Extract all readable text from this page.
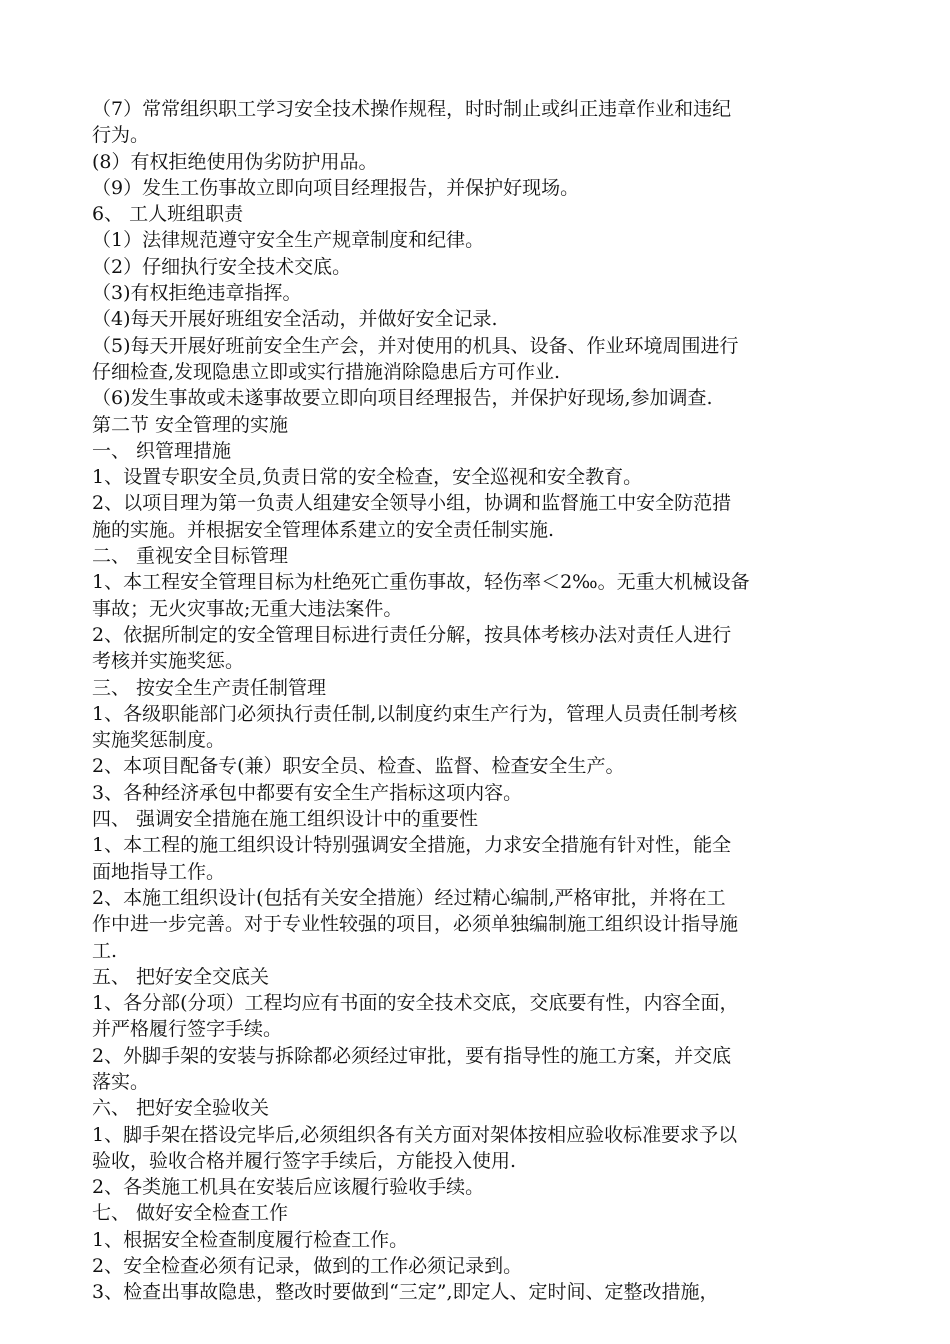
（7）常常组织职工学习安全技术操作规程，时时制止或纠正违章作业和违纪
行为。
(8）有权拒绝使用伪劣防护用品。
（9）发生工伤事故立即向项目经理报告，并保护好现场。
6、 工人班组职责
（1）法律规范遵守安全生产规章制度和纪律。
（2）仔细执行安全技术交底。
（3)有权拒绝违章指挥。
（4)每天开展好班组安全活动，并做好安全记录.
（5)每天开展好班前安全生产会，并对使用的机具、设备、作业环境周围进行
仔细检查,发现隐患立即或实行措施消除隐患后方可作业.
（6)发生事故或未遂事故要立即向项目经理报告，并保护好现场,参加调查.
第二节 安全管理的实施
一、 织管理措施
1、设置专职安全员,负责日常的安全检查，安全巡视和安全教育。
2、以项目理为第一负责人组建安全领导小组，协调和监督施工中安全防范措
施的实施。并根据安全管理体系建立的安全责任制实施.
二、 重视安全目标管理
1、本工程安全管理目标为杜绝死亡重伤事故，轻伤率＜2‰。无重大机械设备
事故；无火灾事故;无重大违法案件。
2、依据所制定的安全管理目标进行责任分解，按具体考核办法对责任人进行
考核并实施奖惩。
三、 按安全生产责任制管理
1、各级职能部门必须执行责任制,以制度约束生产行为，管理人员责任制考核
实施奖惩制度。
2、本项目配备专(兼）职安全员、检查、监督、检查安全生产。
3、各种经济承包中都要有安全生产指标这项内容。
四、 强调安全措施在施工组织设计中的重要性
1、本工程的施工组织设计特别强调安全措施，力求安全措施有针对性，能全
面地指导工作。
2、本施工组织设计(包括有关安全措施）经过精心编制,严格审批，并将在工
作中进一步完善。对于专业性较强的项目，必须单独编制施工组织设计指导施
工.
五、 把好安全交底关
1、各分部(分项）工程均应有书面的安全技术交底，交底要有性，内容全面，
并严格履行签字手续。
2、外脚手架的安装与拆除都必须经过审批，要有指导性的施工方案，并交底
落实。
六、 把好安全验收关
1、脚手架在搭设完毕后,必须组织各有关方面对架体按相应验收标准要求予以
验收，验收合格并履行签字手续后，方能投入使用.
2、各类施工机具在安装后应该履行验收手续。
七、 做好安全检查工作
1、根据安全检查制度履行检查工作。
2、安全检查必须有记录，做到的工作必须记录到。
3、检查出事故隐患，整改时要做到“三定”,即定人、定时间、定整改措施，
